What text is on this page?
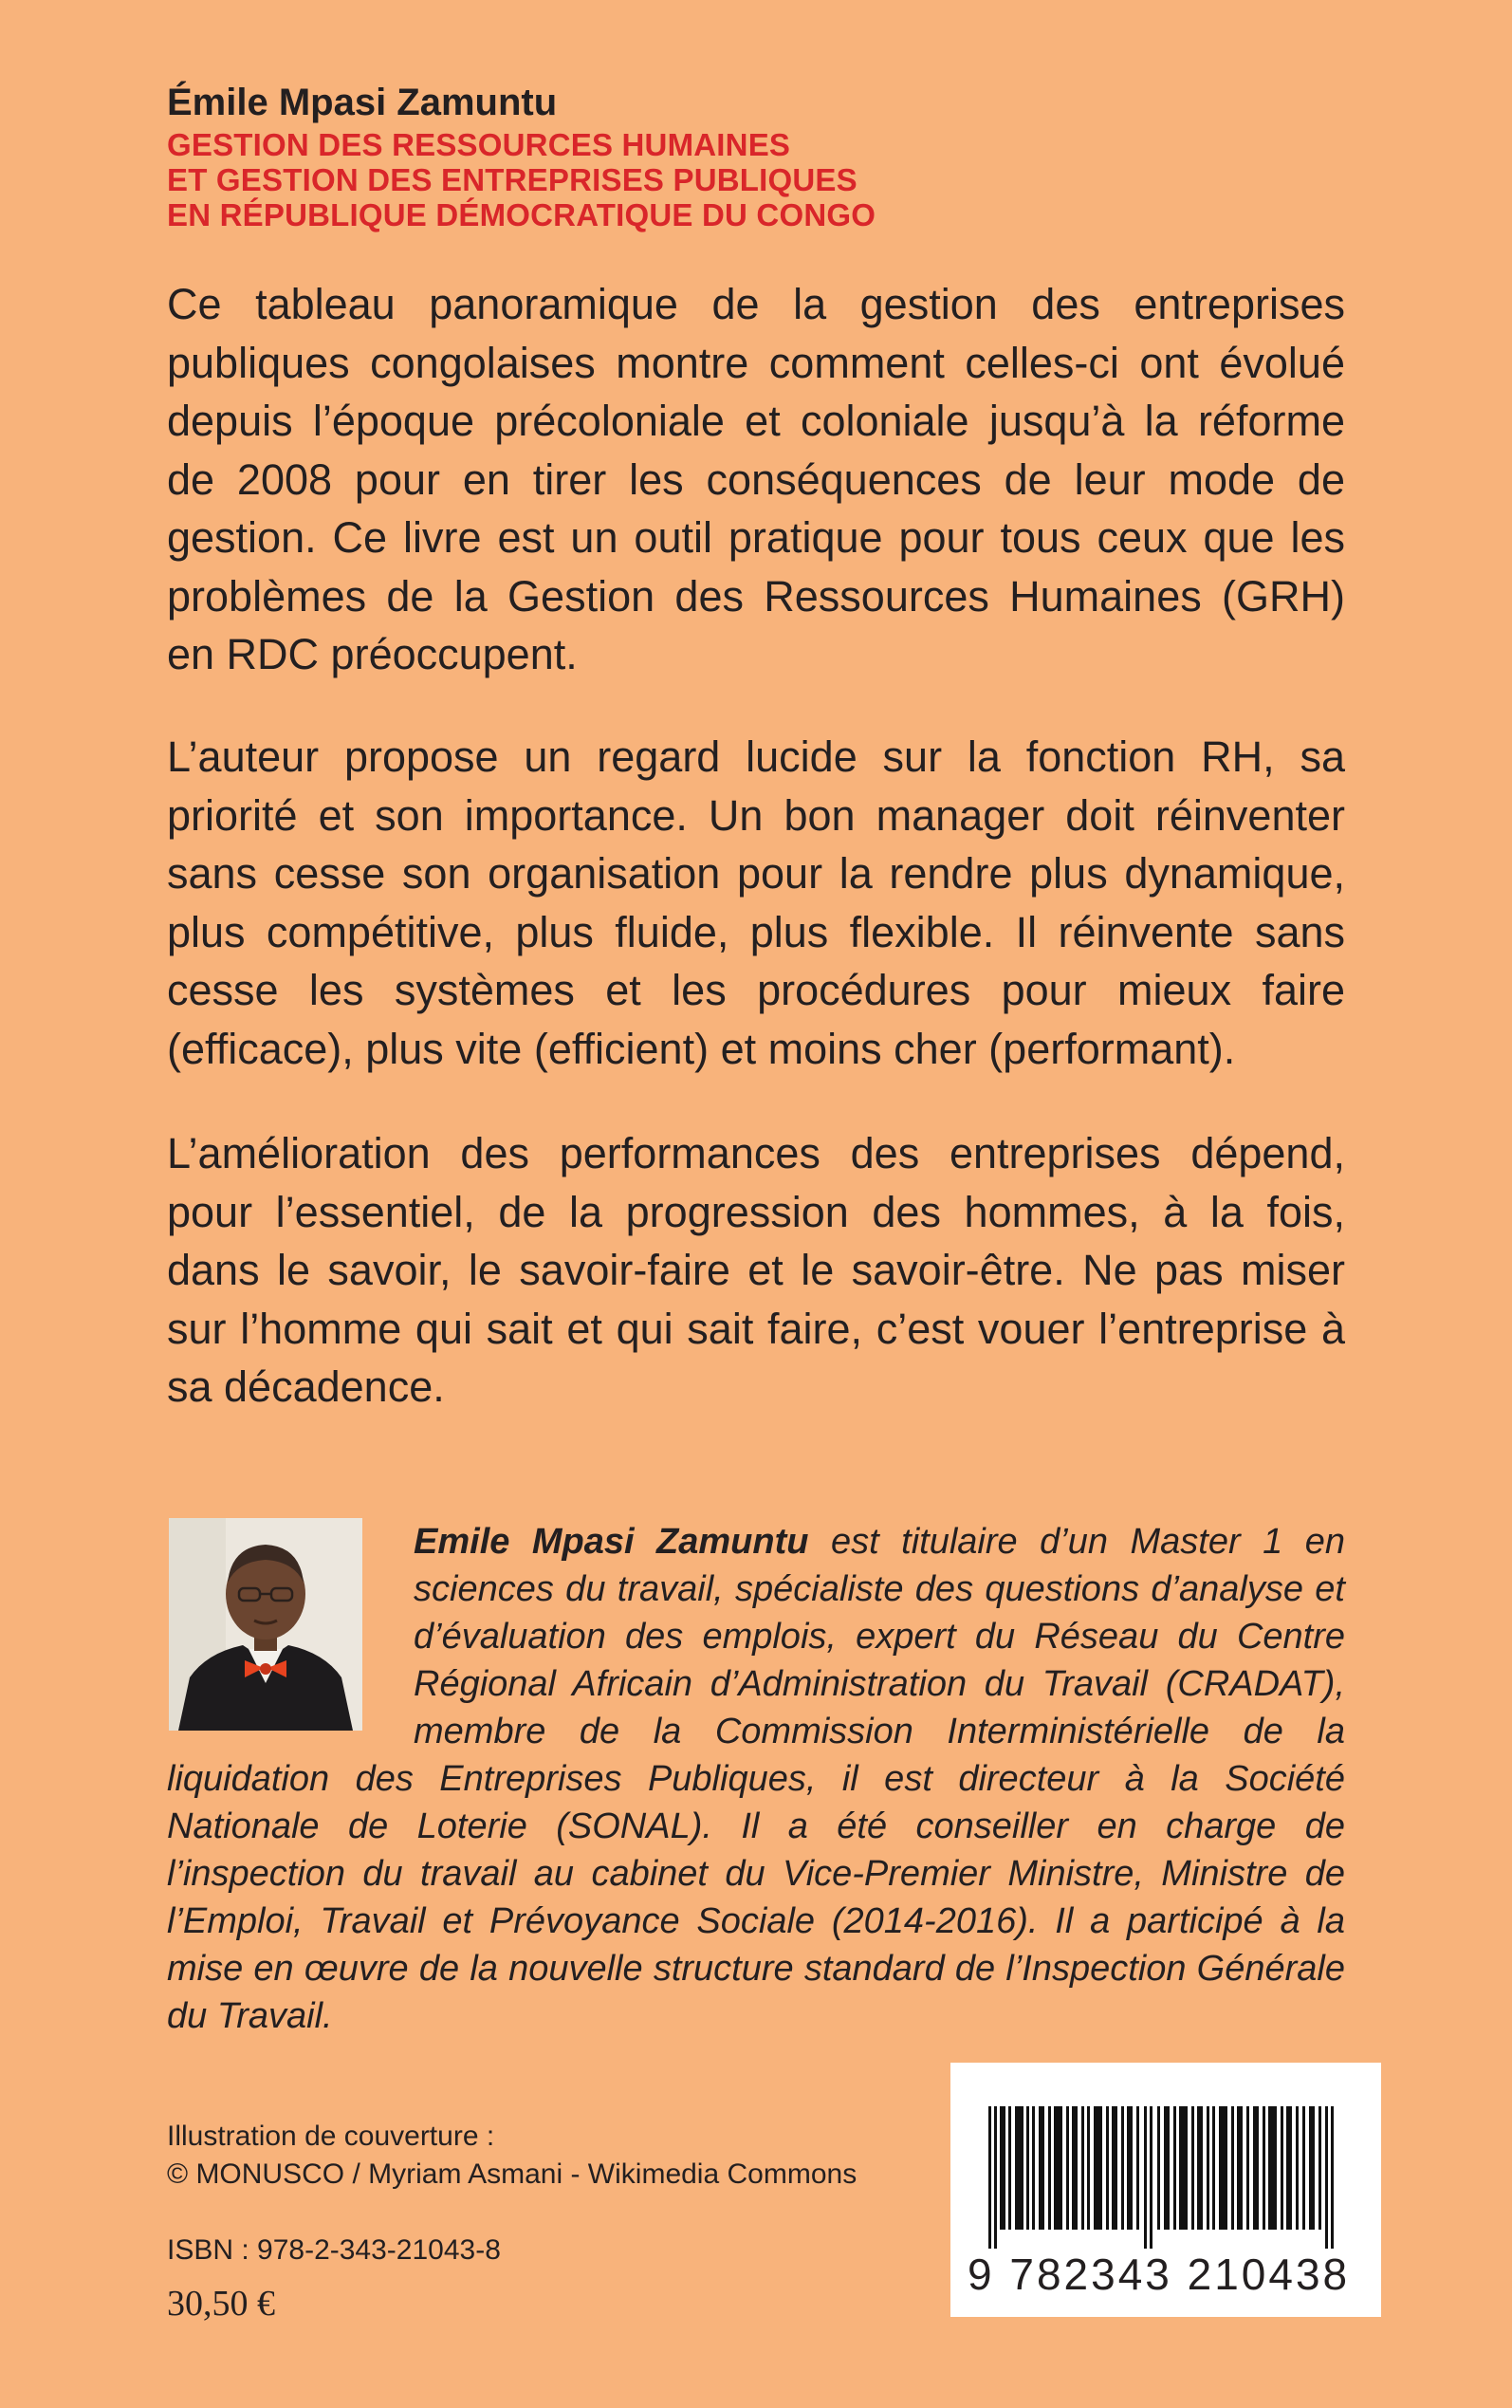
Émile Mpasi Zamuntu
GESTION DES RESSOURCES HUMAINES
ET GESTION DES ENTREPRISES PUBLIQUES
EN RÉPUBLIQUE DÉMOCRATIQUE DU CONGO
Ce tableau panoramique de la gestion des entreprises publiques congolaises montre comment celles-ci ont évolué depuis l’époque précoloniale et coloniale jusqu’à la réforme de 2008 pour en tirer les conséquences de leur mode de gestion. Ce livre est un outil pratique pour tous ceux que les problèmes de la Gestion des Ressources Humaines (GRH) en RDC préoccupent.
L’auteur propose un regard lucide sur la fonction RH, sa priorité et son importance. Un bon manager doit réinventer sans cesse son organisation pour la rendre plus dynamique, plus compétitive, plus fluide, plus flexible. Il réinvente sans cesse les systèmes et les procédures pour mieux faire (efficace), plus vite (efficient) et moins cher (performant).
L’amélioration des performances des entreprises dépend, pour l’essentiel, de la progression des hommes, à la fois, dans le savoir, le savoir-faire et le savoir-être. Ne pas miser sur l’homme qui sait et qui sait faire, c’est vouer l’entreprise à sa décadence.
Emile Mpasi Zamuntu est titulaire d’un Master 1 en sciences du travail, spécialiste des questions d’analyse et d’évaluation des emplois, expert du Réseau du Centre Régional Africain d’Administration du Travail (CRADAT), membre de la Commission Interministérielle de la liquidation des Entreprises Publiques, il est directeur à la Société Nationale de Loterie (SONAL). Il a été conseiller en charge de l’inspection du travail au cabinet du Vice-Premier Ministre, Ministre de l’Emploi, Travail et Prévoyance Sociale (2014-2016). Il a participé à la mise en œuvre de la nouvelle structure standard de l’Inspection Générale du Travail.
Illustration de couverture :
© MONUSCO / Myriam Asmani - Wikimedia Commons
ISBN : 978-2-343-21043-8
30,50 €
9 782343 210438
